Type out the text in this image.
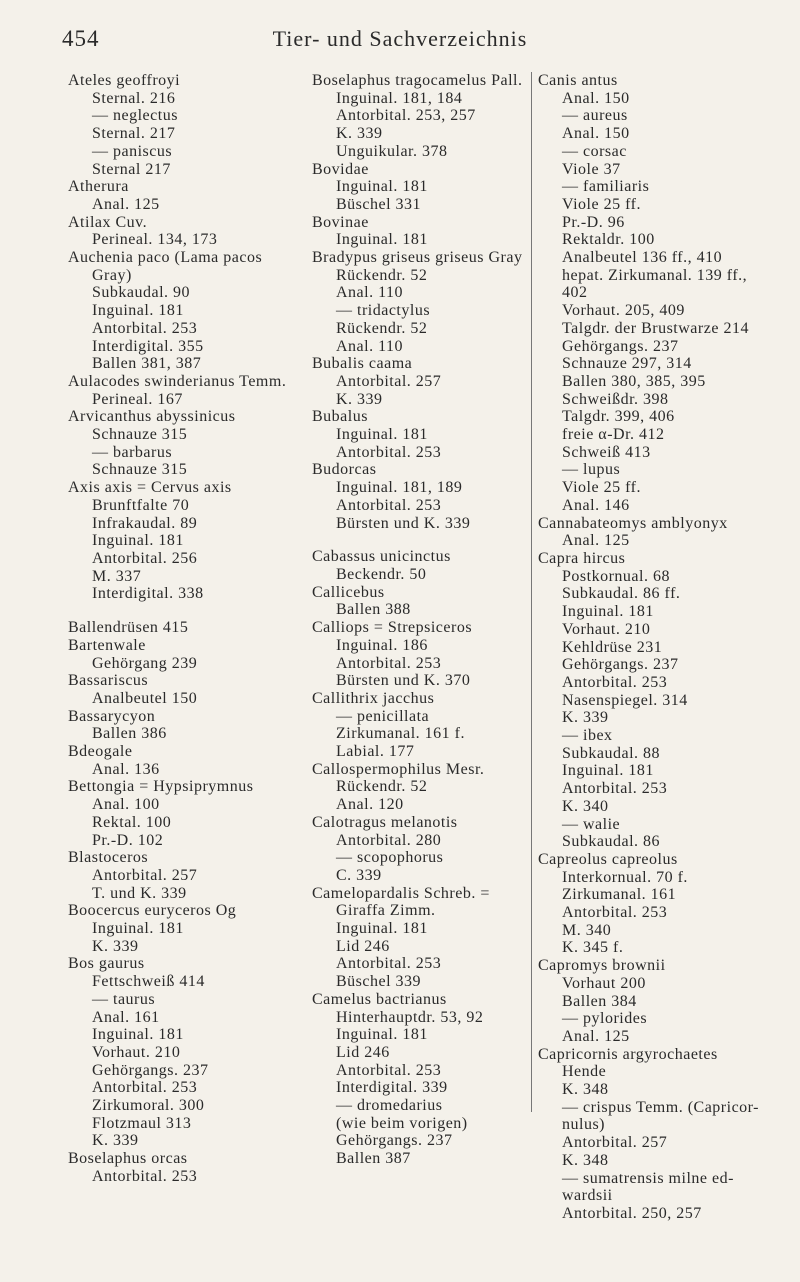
454	Tier- und Sachverzeichnis
Ateles geoffroyi
Sternal. 216
— neglectus
Sternal. 217
— paniscus
Sternal 217
Atherura
Anal. 125
Atilax Cuv.
Perineal. 134, 173
Auchenia paco (Lama pacos
Gray)
Subkaudal. 90
Inguinal. 181
Antorbital. 253
Interdigital. 355
Ballen 381, 387
Aulacodes swinderianus Temm.
Perineal. 167
Arvicanthus abyssinicus
Schnauze 315
— barbarus
Schnauze 315
Axis axis = Cervus axis
Brunftfalte 70
Infrakaudal. 89
Inguinal. 181
Antorbital. 256
M. 337
Interdigital. 338
Ballendrüsen 415
Bartenwale
Gehörgang 239
Bassariscus
Analbeutel 150
Bassarycyon
Ballen 386
Bdeogale
Anal. 136
Bettongia = Hypsiprymnus
Anal. 100
Rektal. 100
Pr.-D. 102
Blastoceros
Antorbital. 257
T. und K. 339
Boocercus euryceros Og
Inguinal. 181
K. 339
Bos gaurus
Fettschweiß 414
— taurus
Anal. 161
Inguinal. 181
Vorhaut. 210
Gehörgangs. 237
Antorbital. 253
Zirkumoral. 300
Flotzmaul 313
K. 339
Boselaphus orcas
Antorbital. 253
Boselaphus tragocamelus Pall.
Inguinal. 181, 184
Antorbital. 253, 257
K. 339
Unguikular. 378
Bovidae
Inguinal. 181
Büschel 331
Bovinae
Inguinal. 181
Bradypus griseus griseus Gray
Rückendr. 52
Anal. 110
— tridactylus
Rückendr. 52
Anal. 110
Bubalis caama
Antorbital. 257
K. 339
Bubalus
Inguinal. 181
Antorbital. 253
Budorcas
Inguinal. 181, 189
Antorbital. 253
Bürsten und K. 339
Cabassus unicinctus
Beckendr. 50
Callicebus
Ballen 388
Calliops = Strepsiceros
Inguinal. 186
Antorbital. 253
Bürsten und K. 370
Callithrix jacchus
— penicillata
Zirkumanal. 161 f.
Labial. 177
Callospermophilus Mesr.
Rückendr. 52
Anal. 120
Calotragus melanotis
Antorbital. 280
— scopophorus
C. 339
Camelopardalis Schreb. =
Giraffa Zimm.
Inguinal. 181
Lid 246
Antorbital. 253
Büschel 339
Camelus bactrianus
Hinterhauptdr. 53, 92
Inguinal. 181
Lid 246
Antorbital. 253
Interdigital. 339
— dromedarius
(wie beim vorigen)
Gehörgangs. 237
Ballen 387
Canis antus
Anal. 150
— aureus
Anal. 150
— corsac
Viole 37
— familiaris
Viole 25 ff.
Pr.-D. 96
Rektaldr. 100
Analbeutel 136 ff., 410
hepat. Zirkumanal. 139 ff.,
402
Vorhaut. 205, 409
Talgdr. der Brustwarze 214
Gehörgangs. 237
Schnauze 297, 314
Ballen 380, 385, 395
Schweißdr. 398
Talgdr. 399, 406
freie α-Dr. 412
Schweiß 413
— lupus
Viole 25 ff.
Anal. 146
Cannabateomys amblyonyx
Anal. 125
Capra hircus
Postkornual. 68
Subkaudal. 86 ff.
Inguinal. 181
Vorhaut. 210
Kehldrüse 231
Gehörgangs. 237
Antorbital. 253
Nasenspiegel. 314
K. 339
— ibex
Subkaudal. 88
Inguinal. 181
Antorbital. 253
K. 340
— walie
Subkaudal. 86
Capreolus capreolus
Interkornual. 70 f.
Zirkumanal. 161
Antorbital. 253
M. 340
K. 345 f.
Capromys brownii
Vorhaut 200
Ballen 384
— pylorides
Anal. 125
Capricornis argyrochaetes
Hende
K. 348
— crispus Temm. (Capricor-
nulus)
Antorbital. 257
K. 348
— sumatrensis milne ed-
wardsii
Antorbital. 250, 257
